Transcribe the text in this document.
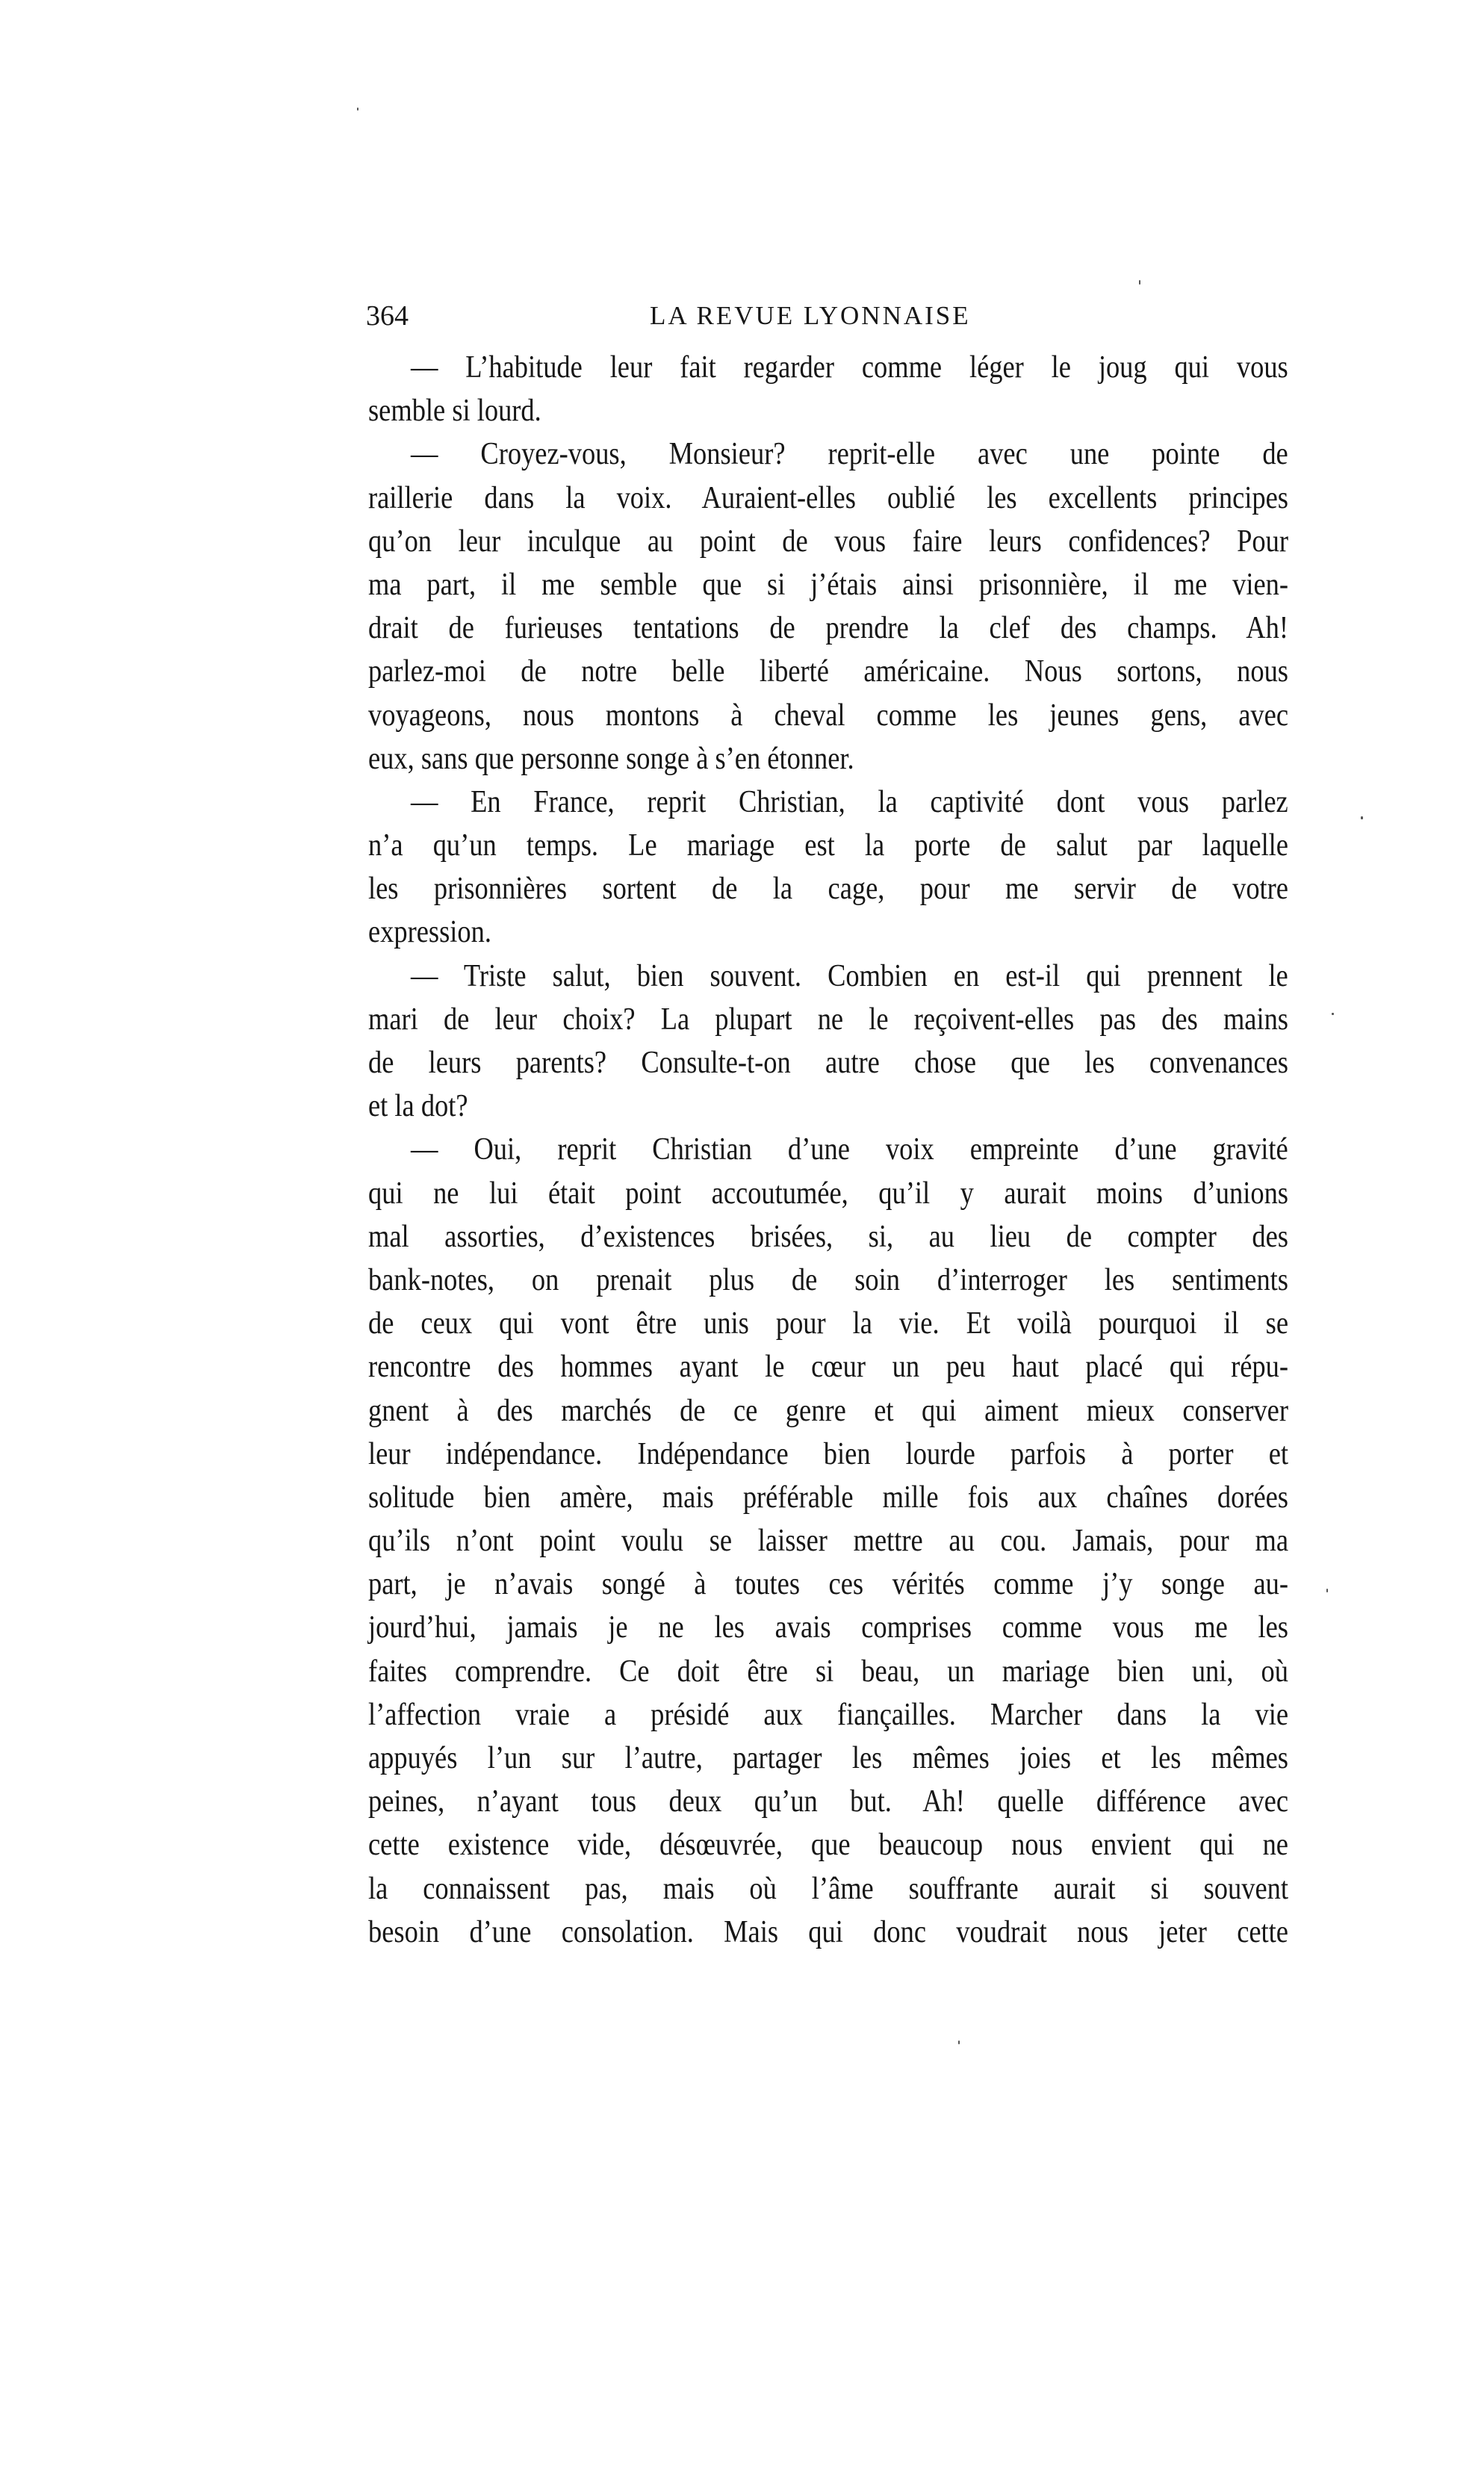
364	LA REVUE LYONNAISE
— L’habitude leur fait regarder comme léger le joug qui vous
semble si lourd.
— Croyez-vous, Monsieur? reprit-elle avec une pointe de
raillerie dans la voix. Auraient-elles oublié les excellents principes
qu’on leur inculque au point de vous faire leurs confidences? Pour
ma part, il me semble que si j’étais ainsi prisonnière, il me vien-
drait de furieuses tentations de prendre la clef des champs. Ah!
parlez-moi de notre belle liberté américaine. Nous sortons, nous
voyageons, nous montons à cheval comme les jeunes gens, avec
eux, sans que personne songe à s’en étonner.
— En France, reprit Christian, la captivité dont vous parlez
n’a qu’un temps. Le mariage est la porte de salut par laquelle
les prisonnières sortent de la cage, pour me servir de votre
expression.
— Triste salut, bien souvent. Combien en est-il qui prennent le
mari de leur choix? La plupart ne le reçoivent-elles pas des mains
de leurs parents? Consulte-t-on autre chose que les convenances
et la dot?
— Oui, reprit Christian d’une voix empreinte d’une gravité
qui ne lui était point accoutumée, qu’il y aurait moins d’unions
mal assorties, d’existences brisées, si, au lieu de compter des
bank-notes, on prenait plus de soin d’interroger les sentiments
de ceux qui vont être unis pour la vie. Et voilà pourquoi il se
rencontre des hommes ayant le cœur un peu haut placé qui répu-
gnent à des marchés de ce genre et qui aiment mieux conserver
leur indépendance. Indépendance bien lourde parfois à porter et
solitude bien amère, mais préférable mille fois aux chaînes dorées
qu’ils n’ont point voulu se laisser mettre au cou. Jamais, pour ma
part, je n’avais songé à toutes ces vérités comme j’y songe au-
jourd’hui, jamais je ne les avais comprises comme vous me les
faites comprendre. Ce doit être si beau, un mariage bien uni, où
l’affection vraie a présidé aux fiançailles. Marcher dans la vie
appuyés l’un sur l’autre, partager les mêmes joies et les mêmes
peines, n’ayant tous deux qu’un but. Ah! quelle différence avec
cette existence vide, désœuvrée, que beaucoup nous envient qui ne
la connaissent pas, mais où l’âme souffrante aurait si souvent
besoin d’une consolation. Mais qui donc voudrait nous jeter cette
